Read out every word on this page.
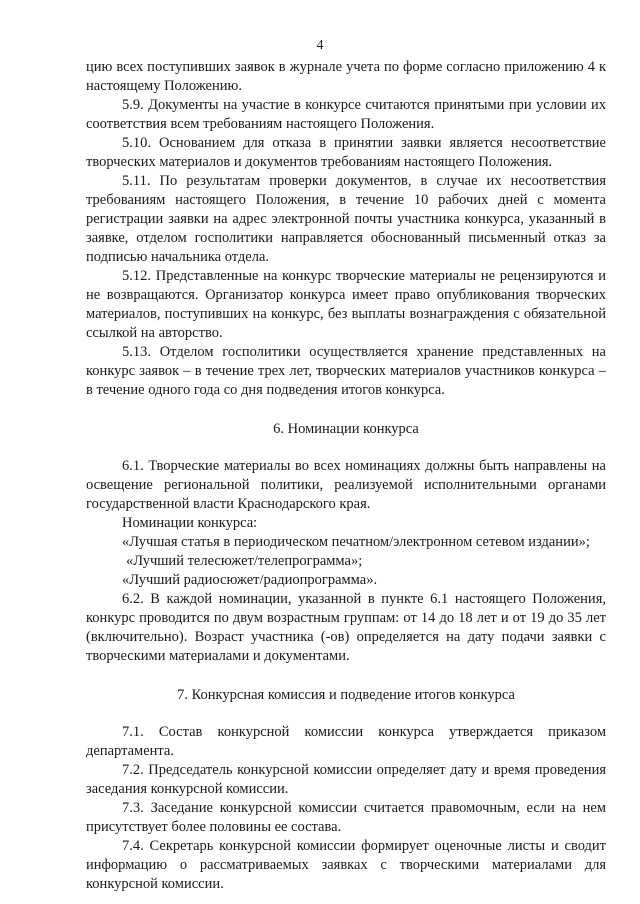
4

цию всех поступивших заявок в журнале учета по форме согласно приложению 4 к настоящему Положению.

5.9. Документы на участие в конкурсе считаются принятыми при условии их соответствия всем требованиям настоящего Положения.

5.10. Основанием для отказа в принятии заявки является несоответствие творческих материалов и документов требованиям настоящего Положения.

5.11. По результатам проверки документов, в случае их несоответствия требованиям настоящего Положения, в течение 10 рабочих дней с момента регистрации заявки на адрес электронной почты участника конкурса, указанный в заявке, отделом госполитики направляется обоснованный письменный отказ за подписью начальника отдела.

5.12. Представленные на конкурс творческие материалы не рецензируются и не возвращаются. Организатор конкурса имеет право опубликования творческих материалов, поступивших на конкурс, без выплаты вознаграждения с обязательной ссылкой на авторство.

5.13. Отделом госполитики осуществляется хранение представленных на конкурс заявок – в течение трех лет, творческих материалов участников конкурса – в течение одного года со дня подведения итогов конкурса.

6. Номинации конкурса

6.1. Творческие материалы во всех номинациях должны быть направлены на освещение региональной политики, реализуемой исполнительными органами государственной власти Краснодарского края.

Номинации конкурса:

«Лучшая статья в периодическом печатном/электронном сетевом издании»;

«Лучший телесюжет/телепрограмма»;

«Лучший радиосюжет/радиопрограмма».

6.2. В каждой номинации, указанной в пункте 6.1 настоящего Положения, конкурс проводится по двум возрастным группам: от 14 до 18 лет и от 19 до 35 лет (включительно). Возраст участника (-ов) определяется на дату подачи заявки с творческими материалами и документами.

7. Конкурсная комиссия и подведение итогов конкурса

7.1. Состав конкурсной комиссии конкурса утверждается приказом департамента.

7.2. Председатель конкурсной комиссии определяет дату и время проведения заседания конкурсной комиссии.

7.3. Заседание конкурсной комиссии считается правомочным, если на нем присутствует более половины ее состава.

7.4. Секретарь конкурсной комиссии формирует оценочные листы и сводит информацию о рассматриваемых заявках с творческими материалами для конкурсной комиссии.
